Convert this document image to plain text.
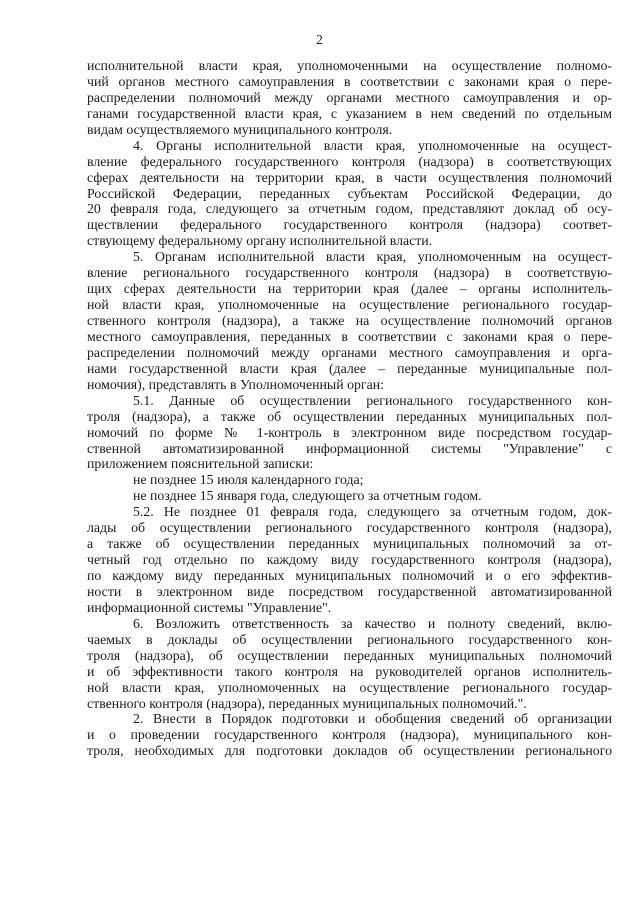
2
исполнительной власти края, уполномоченными на осуществление полномо-
чий органов местного самоуправления в соответствии с законами края о пере-
распределении полномочий между органами местного самоуправления и ор-
ганами государственной власти края, с указанием в нем сведений по отдельным
видам осуществляемого муниципального контроля.
4. Органы исполнительной власти края, уполномоченные на осущест-
вление федерального государственного контроля (надзора) в соответствующих
сферах деятельности на территории края, в части осуществления полномочий
Российской Федерации, переданных субъектам Российской Федерации, до
20 февраля года, следующего за отчетным годом, представляют доклад об осу-
ществлении федерального государственного контроля (надзора) соответ-
ствующему федеральному органу исполнительной власти.
5. Органам исполнительной власти края, уполномоченным на осущест-
вление регионального государственного контроля (надзора) в соответствую-
щих сферах деятельности на территории края (далее – органы исполнитель-
ной власти края, уполномоченные на осуществление регионального государ-
ственного контроля (надзора), а также на осуществление полномочий органов
местного самоуправления, переданных в соответствии с законами края о пере-
распределении полномочий между органами местного самоуправления и орга-
нами государственной власти края (далее – переданные муниципальные пол-
номочия), представлять в Уполномоченный орган:
5.1. Данные об осуществлении регионального государственного кон-
троля (надзора), а также об осуществлении переданных муниципальных пол-
номочий по форме № 1-контроль в электронном виде посредством государ-
ственной автоматизированной информационной системы "Управление" с
приложением пояснительной записки:
не позднее 15 июля календарного года;
не позднее 15 января года, следующего за отчетным годом.
5.2. Не позднее 01 февраля года, следующего за отчетным годом, док-
лады об осуществлении регионального государственного контроля (надзора),
а также об осуществлении переданных муниципальных полномочий за от-
четный год отдельно по каждому виду государственного контроля (надзора),
по каждому виду переданных муниципальных полномочий и о его эффектив-
ности в электронном виде посредством государственной автоматизированной
информационной системы "Управление".
6. Возложить ответственность за качество и полноту сведений, вклю-
чаемых в доклады об осуществлении регионального государственного кон-
троля (надзора), об осуществлении переданных муниципальных полномочий
и об эффективности такого контроля на руководителей органов исполнитель-
ной власти края, уполномоченных на осуществление регионального государ-
ственного контроля (надзора), переданных муниципальных полномочий.".
2. Внести в Порядок подготовки и обобщения сведений об организации
и о проведении государственного контроля (надзора), муниципального кон-
троля, необходимых для подготовки докладов об осуществлении регионального
